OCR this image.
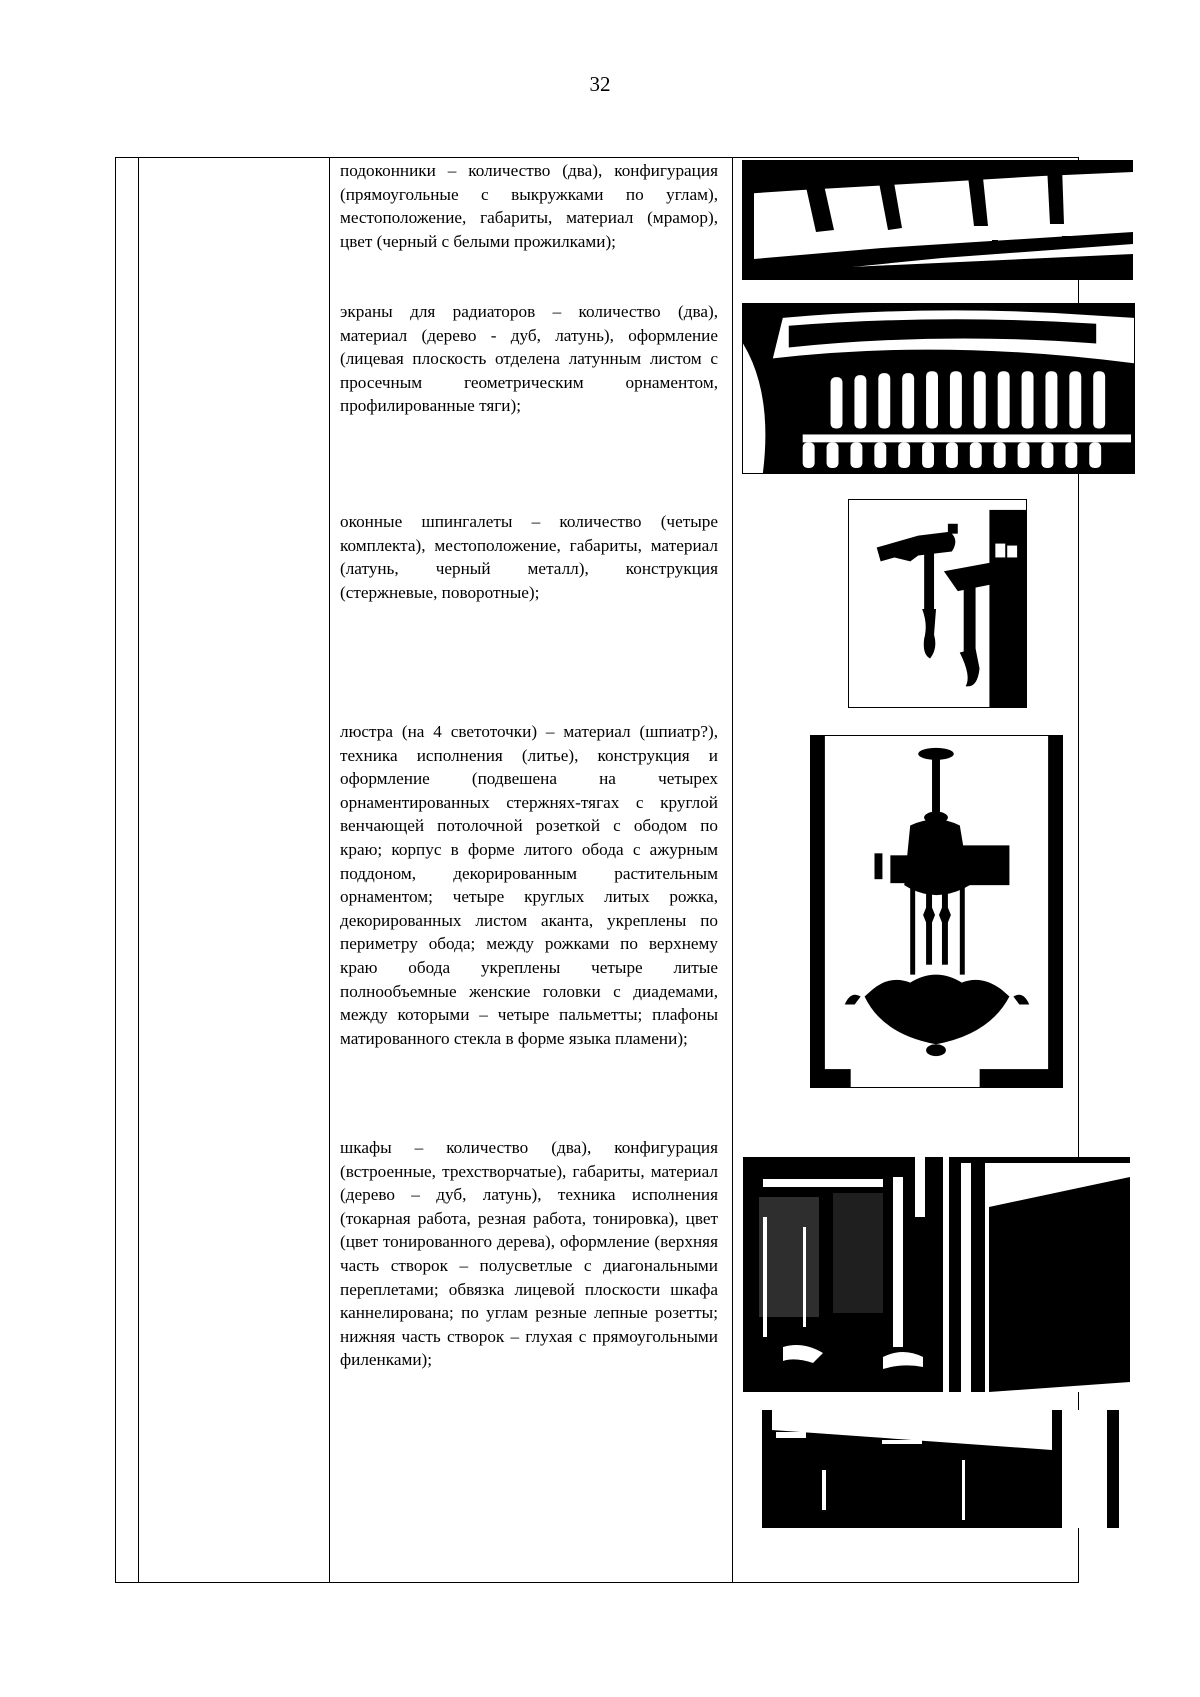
32
подоконники – количество (два), конфигурация (прямоугольные с выкружками по углам), местоположение, габариты, материал (мрамор), цвет (черный с белыми прожилками);
экраны для радиаторов – количество (два), материал (дерево - дуб, латунь), оформление (лицевая плоскость отделена латунным листом с просечным геометрическим орнаментом, профилированные тяги);
оконные шпингалеты – количество (четыре комплекта), местоположение, габариты, материал (латунь, черный металл), конструкция (стержневые, поворотные);
люстра (на 4 светоточки) – материал (шпиатр?), техника исполнения (литье), конструкция и оформление (подвешена на четырех орнаментированных стержнях-тягах с круглой венчающей потолочной розеткой с ободом по краю; корпус в форме литого обода с ажурным поддоном, декорированным растительным орнаментом; четыре круглых литых рожка, декорированных листом аканта, укреплены по периметру обода; между рожками по верхнему краю обода укреплены четыре литые полнообъемные женские головки с диадемами, между которыми – четыре пальметты; плафоны матированного стекла в форме языка пламени);
шкафы – количество (два), конфигурация (встроенные, трехстворчатые), габариты, материал (дерево – дуб, латунь), техника исполнения (токарная работа, резная работа, тонировка), цвет (цвет тонированного дерева), оформление (верхняя часть створок – полусветлые с диагональными переплетами; обвязка лицевой плоскости шкафа каннелирована; по углам резные лепные розетты; нижняя часть створок – глухая с прямоугольными филенками);
